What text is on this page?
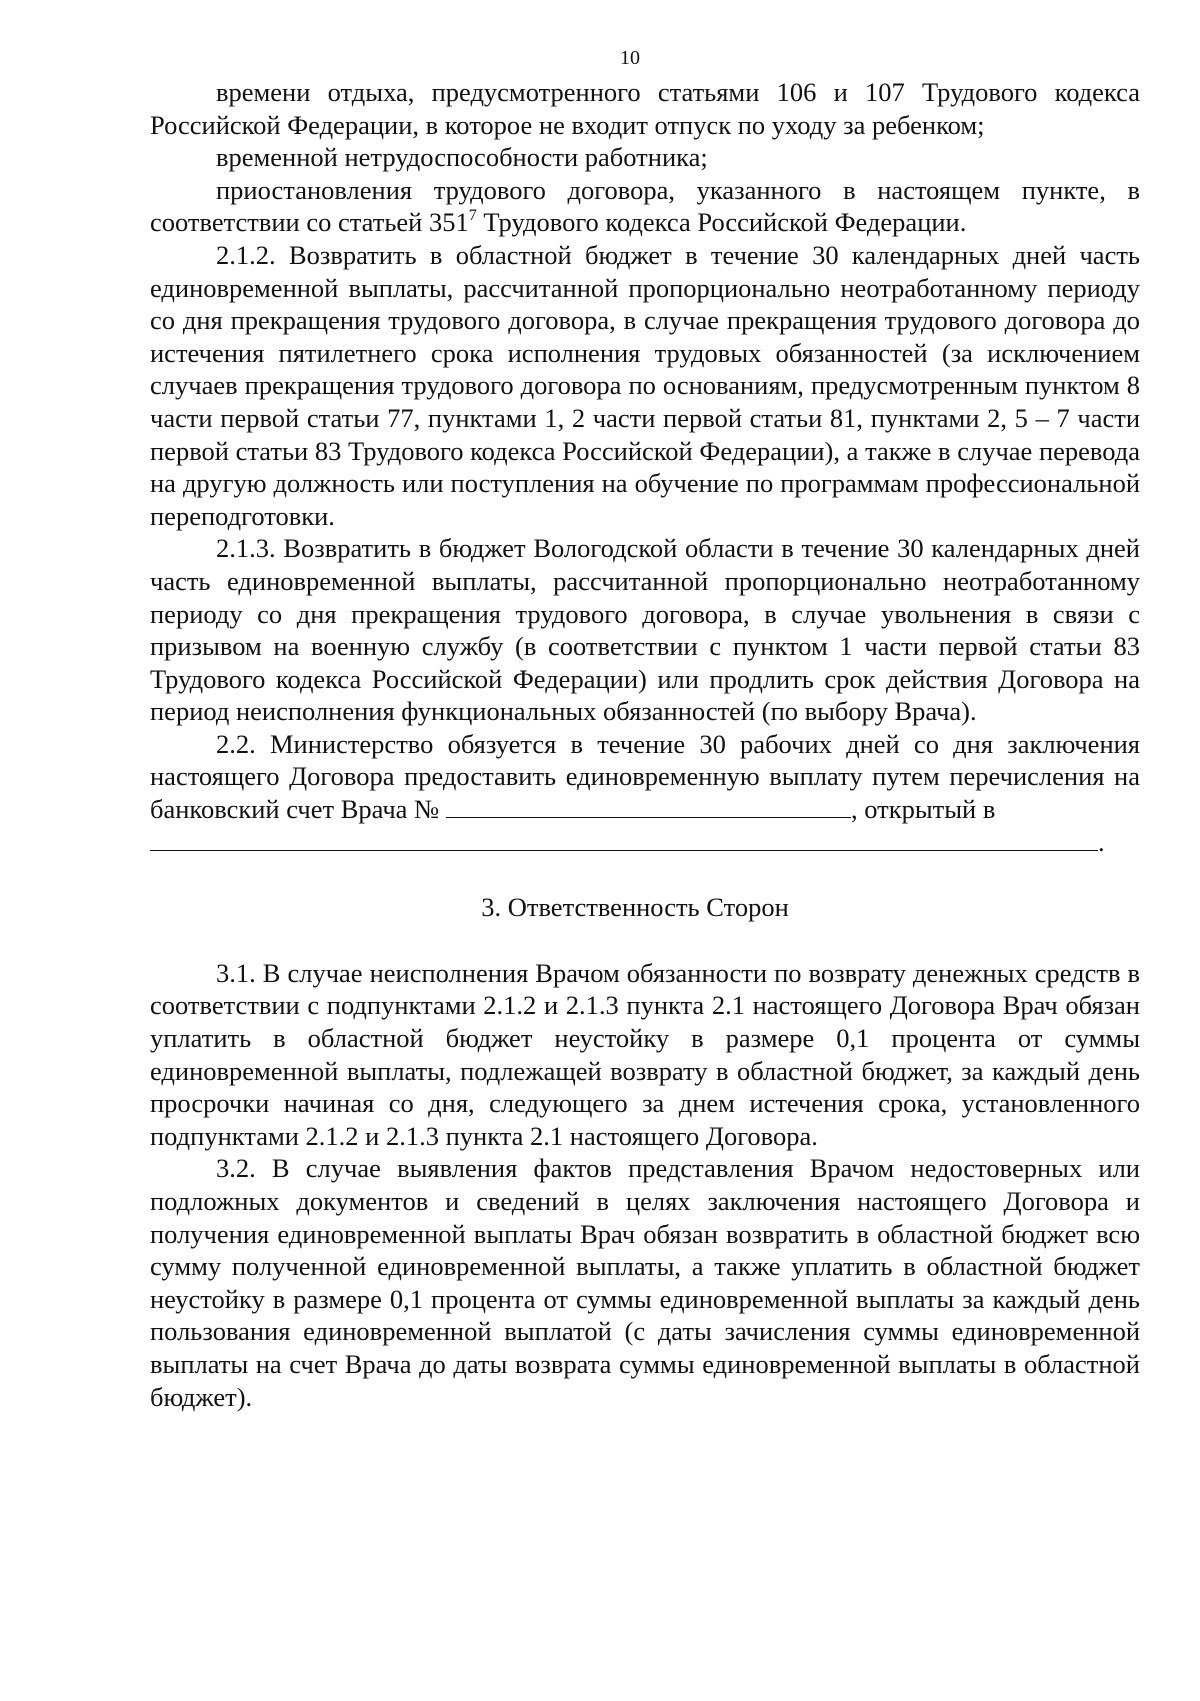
10

времени отдыха, предусмотренного статьями 106 и 107 Трудового кодекса Российской Федерации, в которое не входит отпуск по уходу за ребенком;

временной нетрудоспособности работника;

приостановления трудового договора, указанного в настоящем пункте, в соответствии со статьей $351^7$ Трудового кодекса Российской Федерации.

2.1.2. Возвратить в областной бюджет в течение 30 календарных дней часть единовременной выплаты, рассчитанной пропорционально неотработанному периоду со дня прекращения трудового договора, в случае прекращения трудового договора до истечения пятилетнего срока исполнения трудовых обязанностей (за исключением случаев прекращения трудового договора по основаниям, предусмотренным пунктом 8 части первой статьи 77, пунктами 1, 2 части первой статьи 81, пунктами 2, 5 – 7 части первой статьи 83 Трудового кодекса Российской Федерации), а также в случае перевода на другую должность или поступления на обучение по программам профессиональной переподготовки.

2.1.3. Возвратить в бюджет Вологодской области в течение 30 календарных дней часть единовременной выплаты, рассчитанной пропорционально неотработанному периоду со дня прекращения трудового договора, в случае увольнения в связи с призывом на военную службу (в соответствии с пунктом 1 части первой статьи 83 Трудового кодекса Российской Федерации) или продлить срок действия Договора на период неисполнения функциональных обязанностей (по выбору Врача).

2.2. Министерство обязуется в течение 30 рабочих дней со дня заключения настоящего Договора предоставить единовременную выплату путем перечисления на банковский счет Врача №	, открытый в

.

3. Ответственность Сторон

3.1. В случае неисполнения Врачом обязанности по возврату денежных средств в соответствии с подпунктами 2.1.2 и 2.1.3 пункта 2.1 настоящего Договора Врач обязан уплатить в областной бюджет неустойку в размере 0,1 процента от суммы единовременной выплаты, подлежащей возврату в областной бюджет, за каждый день просрочки начиная со дня, следующего за днем истечения срока, установленного подпунктами 2.1.2 и 2.1.3 пункта 2.1 настоящего Договора.

3.2. В случае выявления фактов представления Врачом недостоверных или подложных документов и сведений в целях заключения настоящего Договора и получения единовременной выплаты Врач обязан возвратить в областной бюджет всю сумму полученной единовременной выплаты, а также уплатить в областной бюджет неустойку в размере 0,1 процента от суммы единовременной выплаты за каждый день пользования единовременной выплатой (с даты зачисления суммы единовременной выплаты на счет Врача до даты возврата суммы единовременной выплаты в областной бюджет).
